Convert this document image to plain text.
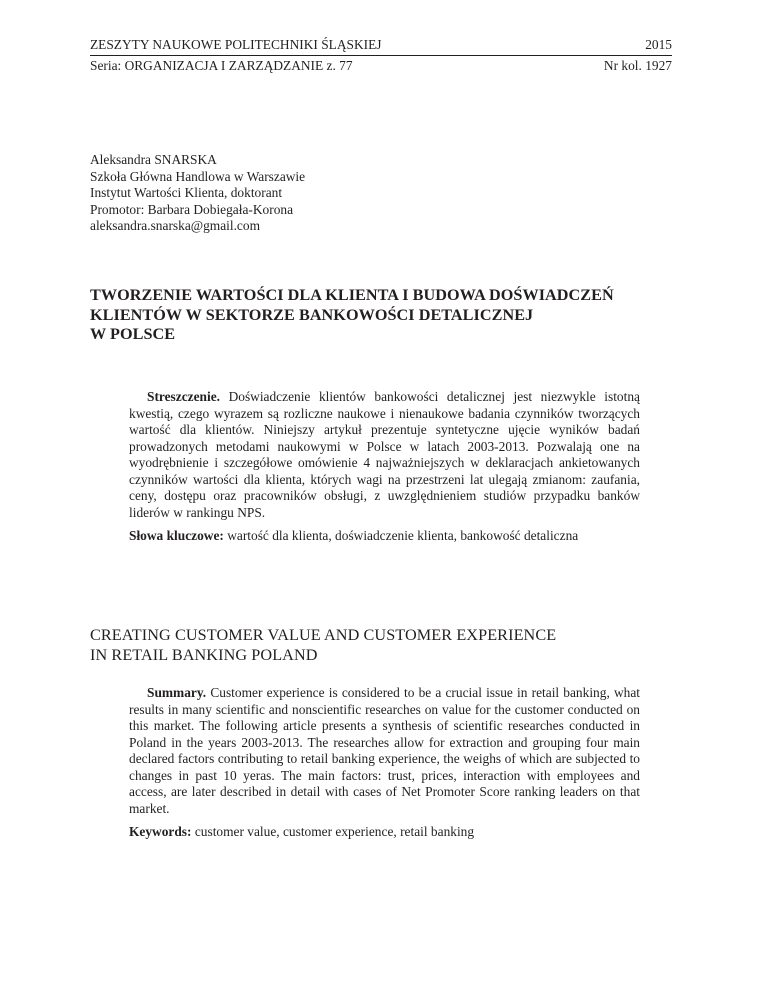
ZESZYTY NAUKOWE POLITECHNIKI ŚLĄSKIEJ	2015
Seria: ORGANIZACJA I ZARZĄDZANIE z. 77	Nr kol. 1927
Aleksandra SNARSKA
Szkoła Główna Handlowa w Warszawie
Instytut Wartości Klienta, doktorant
Promotor: Barbara Dobiegała-Korona
aleksandra.snarska@gmail.com
TWORZENIE WARTOŚCI DLA KLIENTA I BUDOWA DOŚWIADCZEŃ
KLIENTÓW W SEKTORZE BANKOWOŚCI DETALICZNEJ
W POLSCE

Streszczenie. Doświadczenie klientów bankowości detalicznej jest niezwykle istotną kwestią, czego wyrazem są rozliczne naukowe i nienaukowe badania czynników tworzących wartość dla klientów. Niniejszy artykuł prezentuje syntetyczne ujęcie wyników badań prowadzonych metodami naukowymi w Polsce w latach 2003-2013. Pozwalają one na wyodrębnienie i szczegółowe omówienie 4 najważniejszych w deklaracjach ankietowanych czynników wartości dla klienta, których wagi na przestrzeni lat ulegają zmianom: zaufania, ceny, dostępu oraz pracowników obsługi, z uwzględnieniem studiów przypadku banków liderów w rankingu NPS.

Słowa kluczowe: wartość dla klienta, doświadczenie klienta, bankowość detaliczna

CREATING CUSTOMER VALUE AND CUSTOMER EXPERIENCE
IN RETAIL BANKING POLAND

Summary. Customer experience is considered to be a crucial issue in retail banking, what results in many scientific and nonscientific researches on value for the customer conducted on this market. The following article presents a synthesis of scientific researches conducted in Poland in the years 2003-2013. The researches allow for extraction and grouping four main declared factors contributing to retail banking experience, the weighs of which are subjected to changes in past 10 yeras. The main factors: trust, prices, interaction with employees and access, are later described in detail with cases of Net Promoter Score ranking leaders on that market.

Keywords: customer value, customer experience, retail banking
